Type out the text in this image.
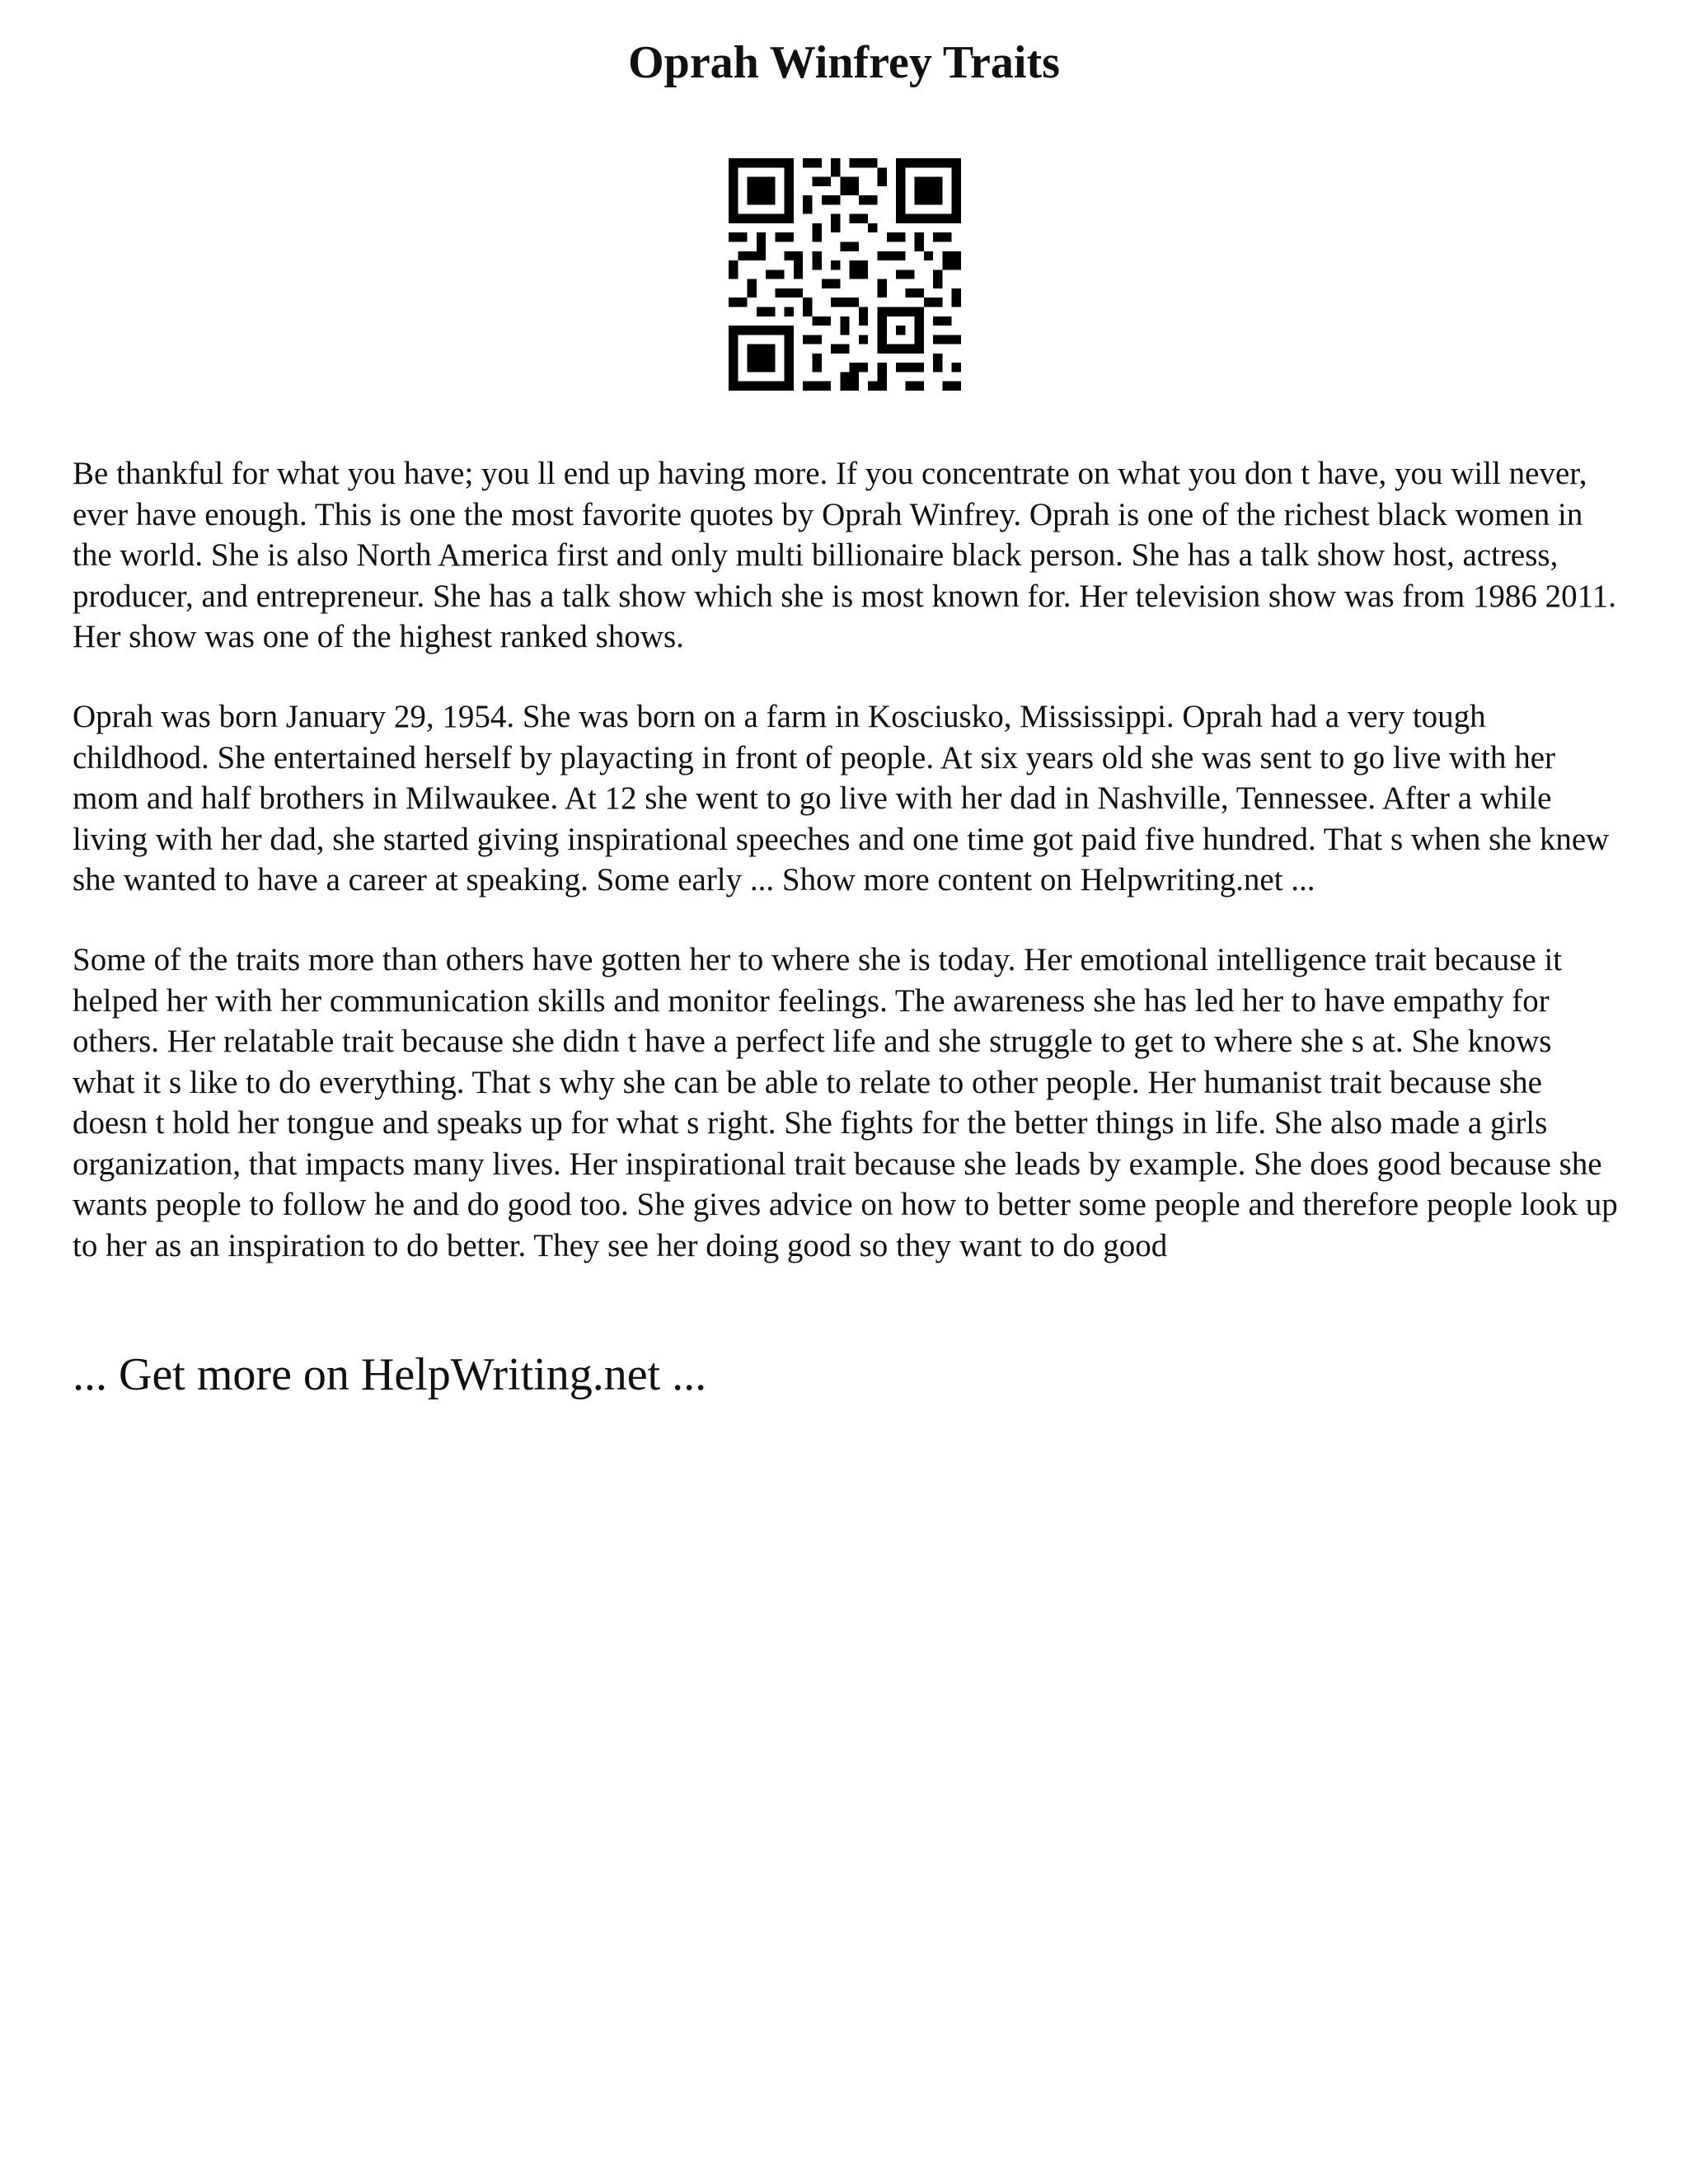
Oprah Winfrey Traits

Be thankful for what you have; you ll end up having more. If you concentrate on what you don t have, you will never, ever have enough. This is one the most favorite quotes by Oprah Winfrey. Oprah is one of the richest black women in the world. She is also North America first and only multi billionaire black person. She has a talk show host, actress, producer, and entrepreneur. She has a talk show which she is most known for. Her television show was from 1986 2011. Her show was one of the highest ranked shows.

Oprah was born January 29, 1954. She was born on a farm in Kosciusko, Mississippi. Oprah had a very tough childhood. She entertained herself by playacting in front of people. At six years old she was sent to go live with her mom and half brothers in Milwaukee. At 12 she went to go live with her dad in Nashville, Tennessee. After a while living with her dad, she started giving inspirational speeches and one time got paid five hundred. That s when she knew she wanted to have a career at speaking. Some early ... Show more content on Helpwriting.net ...

Some of the traits more than others have gotten her to where she is today. Her emotional intelligence trait because it helped her with her communication skills and monitor feelings. The awareness she has led her to have empathy for others. Her relatable trait because she didn t have a perfect life and she struggle to get to where she s at. She knows what it s like to do everything. That s why she can be able to relate to other people. Her humanist trait because she doesn t hold her tongue and speaks up for what s right. She fights for the better things in life. She also made a girls organization, that impacts many lives. Her inspirational trait because she leads by example. She does good because she wants people to follow he and do good too. She gives advice on how to better some people and therefore people look up to her as an inspiration to do better. They see her doing good so they want to do good

... Get more on HelpWriting.net ...
